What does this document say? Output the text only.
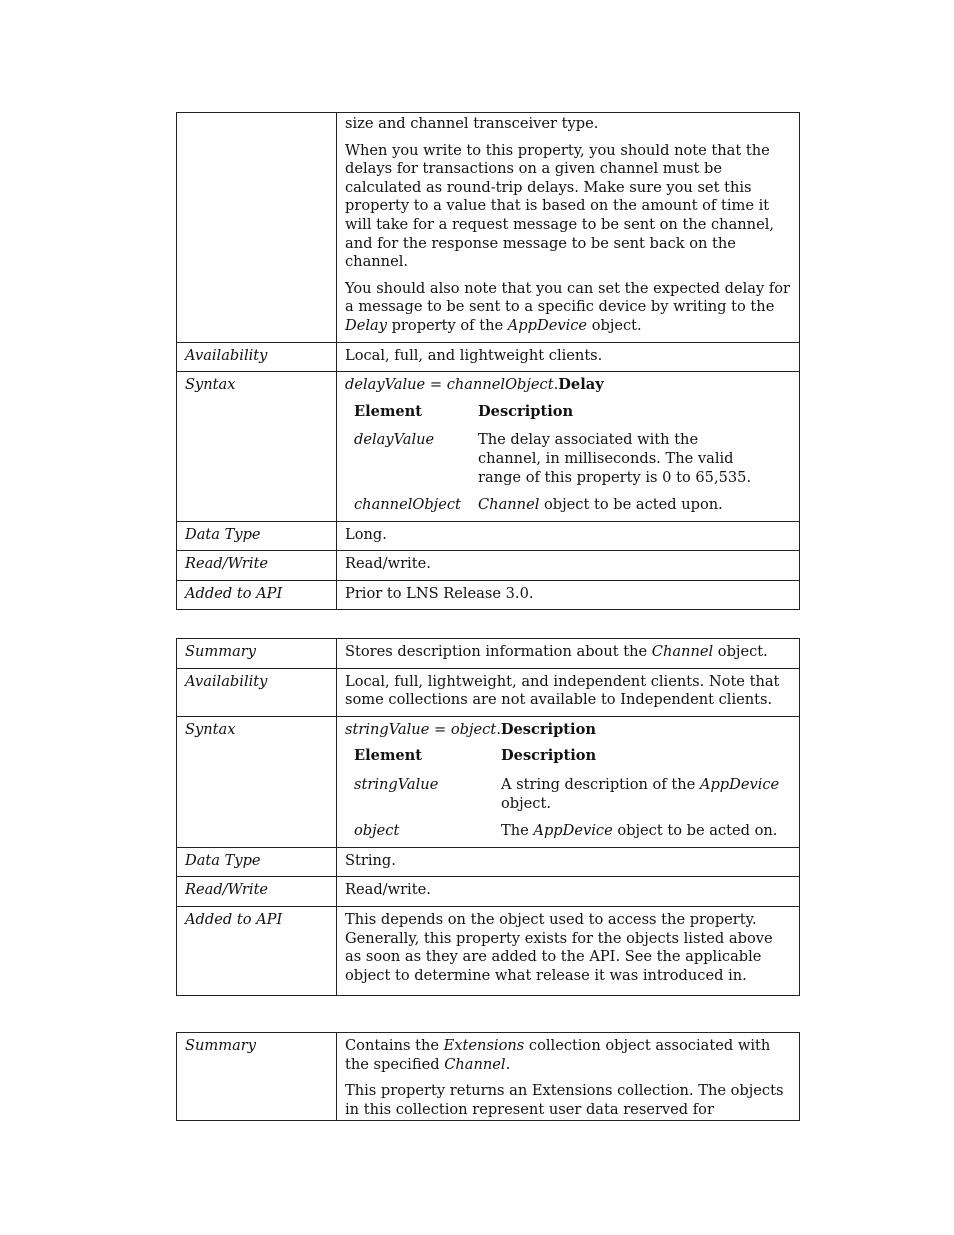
size and channel transceiver type.

When you write to this property, you should note that the delays for transactions on a given channel must be calculated as round-trip delays. Make sure you set this property to a value that is based on the amount of time it will take for a request message to be sent on the channel, and for the response message to be sent back on the channel.

You should also note that you can set the expected delay for a message to be sent to a specific device by writing to the Delay property of the AppDevice object.

Availability	Local, full, and lightweight clients.
Syntax	delayValue = channelObject.Delay
Element	Description
delayValue	The delay associated with the channel, in milliseconds. The valid range of this property is 0 to 65,535.
channelObject	Channel object to be acted upon.

Data Type	Long.
Read/Write	Read/write.
Added to API	Prior to LNS Release 3.0.
Summary	Stores description information about the Channel object.
Availability	Local, full, lightweight, and independent clients. Note that some collections are not available to Independent clients.
Syntax	stringValue = object.Description
Element	Description
stringValue	A string description of the AppDevice object.
object	The AppDevice object to be acted on.

Data Type	String.
Read/Write	Read/write.
Added to API	This depends on the object used to access the property. Generally, this property exists for the objects listed above as soon as they are added to the API. See the applicable object to determine what release it was introduced in.
Summary	Contains the Extensions collection object associated with the specified Channel.

This property returns an Extensions collection. The objects in this collection represent user data reserved for
